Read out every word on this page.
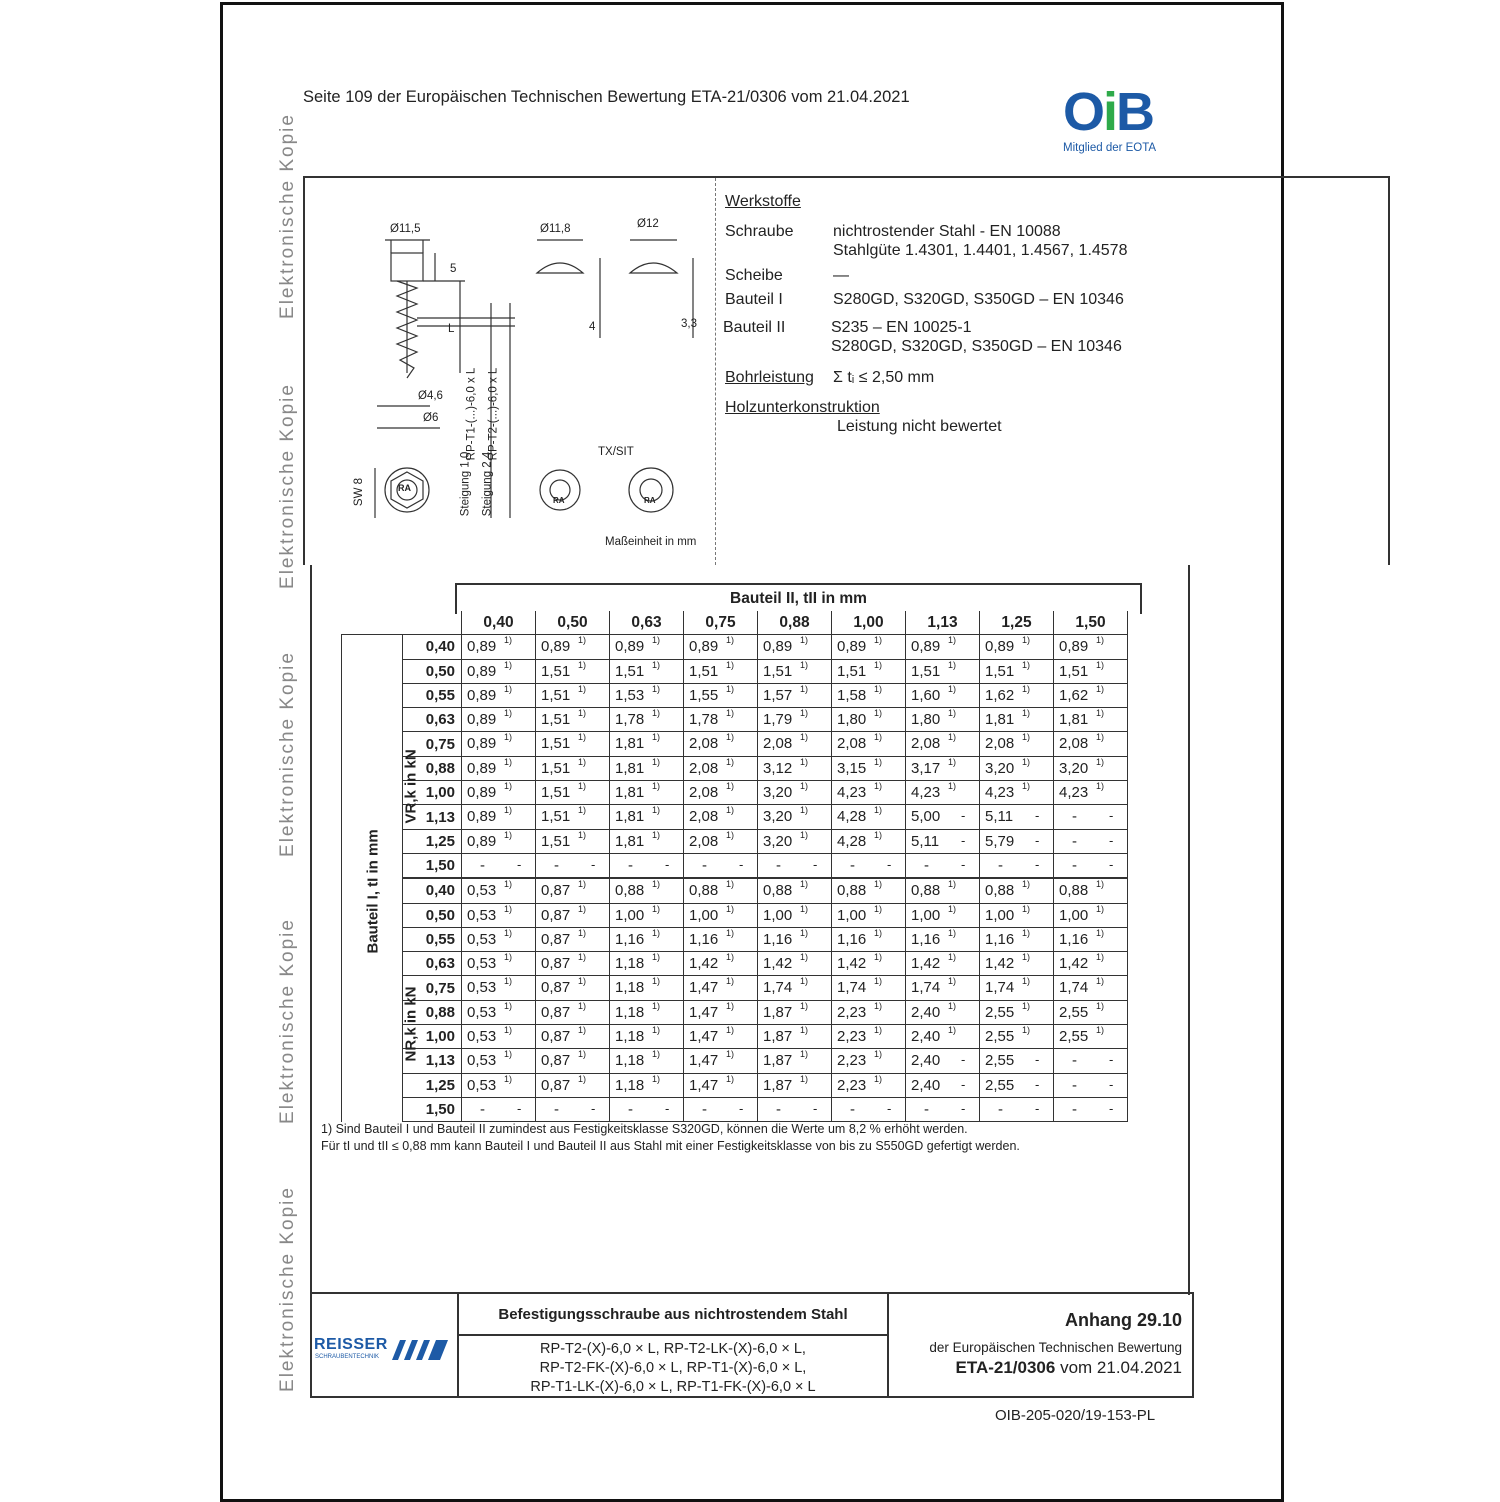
Elektronische Kopie
Elektronische Kopie
Elektronische Kopie
Elektronische Kopie
Elektronische Kopie
Seite 109 der Europäischen Technischen Bewertung ETA-21/0306 vom 21.04.2021	OiB
Mitglied der EOTA
Ø11,5	Ø11,8	Ø12
5
4	3,3
L
Ø4,6
Ø6 RP-T1-(...)-6,0 x L RP-T2-(...)-6,0 x L
Steigung 1,0 Steigung 2,4
SW 8
TX/SIT
RA
RA	RA
Maßeinheit in mm
Werkstoffe
Schraube nichtrostender Stahl - EN 10088
Stahlgüte 1.4301, 1.4401, 1.4567, 1.4578
Scheibe	—
Bauteil I	S280GD, S320GD, S350GD – EN 10346
Bauteil II	S235 – EN 10025-1
S280GD, S320GD, S350GD – EN 10346
Bohrleistung Σ tᵢ ≤ 2,50 mm
Holzunterkonstruktion
Leistung nicht bewertet
Bauteil II, tII in mm
		0,40	0,50	0,63	0,75	0,88	1,00	1,13	1,25	1,50
	0,40	0,89 1)	0,89 1)	0,89 1)	0,89 1)	0,89 1)	0,89 1)	0,89 1)	0,89 1)	0,89 1)

	0,50	0,89 1)	1,51 1)	1,51 1)	1,51 1)	1,51 1)	1,51 1)	1,51 1)	1,51 1)	1,51 1)

	0,55	0,89 1)	1,51 1)	1,53 1)	1,55 1)	1,57 1)	1,58 1)	1,60 1)	1,62 1)	1,62 1)

	0,63	0,89 1)	1,51 1)	1,78 1)	1,78 1)	1,79 1)	1,80 1)	1,80 1)	1,81 1)	1,81 1)

	0,75	0,89 1)	1,51 1)	1,81 1)	2,08 1)	2,08 1)	2,08 1)	2,08 1)	2,08 1)	2,08 1)

	0,88	0,89 1)	1,51 1)	1,81 1)	2,08 1)	3,12 1)	3,15 1)	3,17 1)	3,20 1)	3,20 1)

	1,00	0,89 1)	1,51 1)	1,81 1)	2,08 1)	3,20 1)	4,23 1)	4,23 1)	4,23 1)	4,23 1)

	1,13	0,89 1)	1,51 1)	1,81 1)	2,08 1)	3,20 1)	4,28 1)	5,00 -	5,11 -	- -

	1,25	0,89 1)	1,51 1)	1,81 1)	2,08 1)	3,20 1)	4,28 1)	5,11 -	5,79 -	- -

	1,50	- -	- -	- -	- -	- -	- -	- -	- -	- -

	0,40	0,53 1)	0,87 1)	0,88 1)	0,88 1)	0,88 1)	0,88 1)	0,88 1)	0,88 1)	0,88 1)

	0,50	0,53 1)	0,87 1)	1,00 1)	1,00 1)	1,00 1)	1,00 1)	1,00 1)	1,00 1)	1,00 1)

	0,55	0,53 1)	0,87 1)	1,16 1)	1,16 1)	1,16 1)	1,16 1)	1,16 1)	1,16 1)	1,16 1)

	0,63	0,53 1)	0,87 1)	1,18 1)	1,42 1)	1,42 1)	1,42 1)	1,42 1)	1,42 1)	1,42 1)

	0,75	0,53 1)	0,87 1)	1,18 1)	1,47 1)	1,74 1)	1,74 1)	1,74 1)	1,74 1)	1,74 1)

	0,88	0,53 1)	0,87 1)	1,18 1)	1,47 1)	1,87 1)	2,23 1)	2,40 1)	2,55 1)	2,55 1)

	1,00	0,53 1)	0,87 1)	1,18 1)	1,47 1)	1,87 1)	2,23 1)	2,40 1)	2,55 1)	2,55 1)

	1,13	0,53 1)	0,87 1)	1,18 1)	1,47 1)	1,87 1)	2,23 1)	2,40 -	2,55 -	- -

	1,25	0,53 1)	0,87 1)	1,18 1)	1,47 1)	1,87 1)	2,23 1)	2,40 -	2,55 -	- -

	1,50	- -	- -	- -	- -	- -	- -	- -	- -	- -
Bauteil I, tI in mm
VR,k in kN
NR,k in kN
1) Sind Bauteil I und Bauteil II zumindest aus Festigkeitsklasse S320GD, können die Werte um 8,2 % erhöht werden.
Für tI und tII ≤ 0,88 mm kann Bauteil I und Bauteil II aus Stahl mit einer Festigkeitsklasse von bis zu S550GD gefertigt werden.
REISSER
SCHRAUBENTECHNIK
Befestigungsschraube aus nichtrostendem Stahl
RP-T2-(X)-6,0 × L, RP-T2-LK-(X)-6,0 × L,
RP-T2-FK-(X)-6,0 × L, RP-T1-(X)-6,0 × L,
RP-T1-LK-(X)-6,0 × L, RP-T1-FK-(X)-6,0 × L
Anhang 29.10
der Europäischen Technischen Bewertung
ETA-21/0306 vom 21.04.2021
OIB-205-020/19-153-PL
